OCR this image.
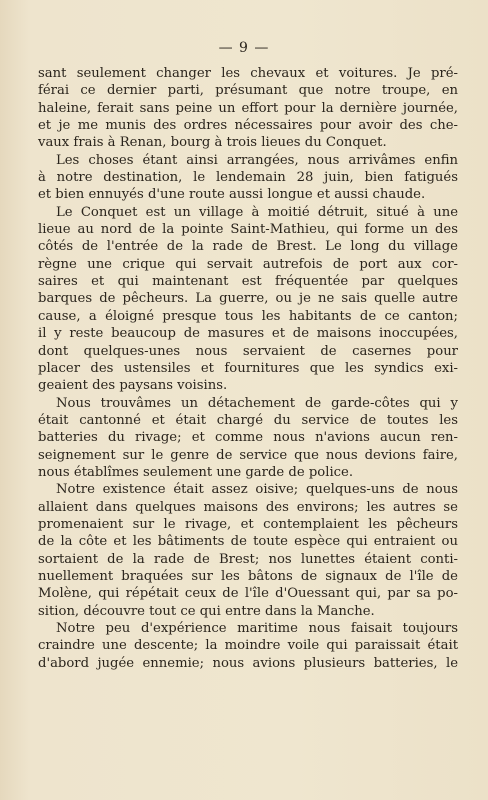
— 9 —
sant seulement changer les chevaux et voitures. Je pré-
férai ce dernier parti, présumant que notre troupe, en
haleine, ferait sans peine un effort pour la dernière journée,
et je me munis des ordres nécessaires pour avoir des che-
vaux frais à Renan, bourg à trois lieues du Conquet.
Les choses étant ainsi arrangées, nous arrivâmes enfin
à notre destination, le lendemain 28 juin, bien fatigués
et bien ennuyés d'une route aussi longue et aussi chaude.
Le Conquet est un village à moitié détruit, situé à une
lieue au nord de la pointe Saint-Mathieu, qui forme un des
côtés de l'entrée de la rade de Brest. Le long du village
règne une crique qui servait autrefois de port aux cor-
saires et qui maintenant est fréquentée par quelques
barques de pêcheurs. La guerre, ou je ne sais quelle autre
cause, a éloigné presque tous les habitants de ce canton;
il y reste beaucoup de masures et de maisons inoccupées,
dont quelques-unes nous servaient de casernes pour
placer des ustensiles et fournitures que les syndics exi-
geaient des paysans voisins.
Nous trouvâmes un détachement de garde-côtes qui y
était cantonné et était chargé du service de toutes les
batteries du rivage; et comme nous n'avions aucun ren-
seignement sur le genre de service que nous devions faire,
nous établîmes seulement une garde de police.
Notre existence était assez oisive; quelques-uns de nous
allaient dans quelques maisons des environs; les autres se
promenaient sur le rivage, et contemplaient les pêcheurs
de la côte et les bâtiments de toute espèce qui entraient ou
sortaient de la rade de Brest; nos lunettes étaient conti-
nuellement braquées sur les bâtons de signaux de l'île de
Molène, qui répétait ceux de l'île d'Ouessant qui, par sa po-
sition, découvre tout ce qui entre dans la Manche.
Notre peu d'expérience maritime nous faisait toujours
craindre une descente; la moindre voile qui paraissait était
d'abord jugée ennemie; nous avions plusieurs batteries, le
